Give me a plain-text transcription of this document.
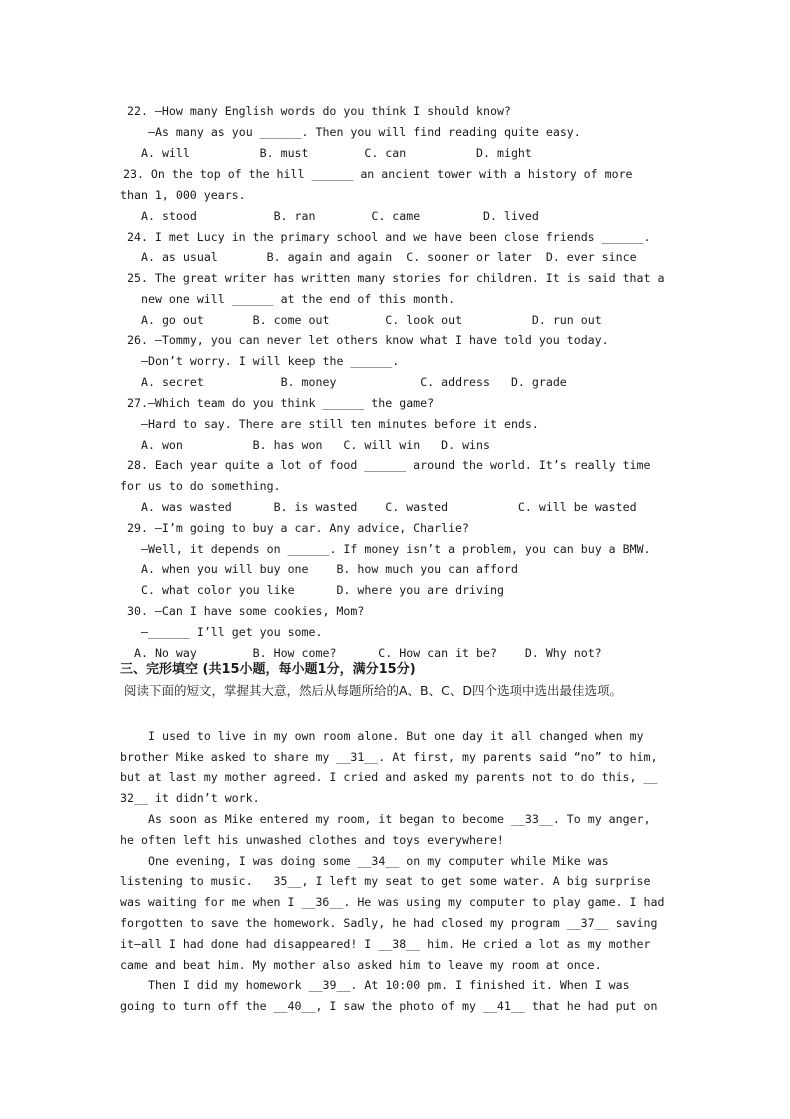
22. —How many English words do you think I should know?
—As many as you ______. Then you will find reading quite easy.
A. will          B. must        C. can          D. might
23. On the top of the hill ______ an ancient tower with a history of more
than 1, 000 years.
A. stood           B. ran        C. came         D. lived
24. I met Lucy in the primary school and we have been close friends ______.
A. as usual       B. again and again  C. sooner or later  D. ever since
25. The great writer has written many stories for children. It is said that a
new one will ______ at the end of this month.
A. go out       B. come out        C. look out          D. run out
26. —Tommy, you can never let others know what I have told you today.
—Don’t worry. I will keep the ______.
A. secret           B. money            C. address   D. grade
27.—Which team do you think ______ the game?
—Hard to say. There are still ten minutes before it ends.
A. won          B. has won   C. will win   D. wins
28. Each year quite a lot of food ______ around the world. It’s really time
for us to do something.
A. was wasted      B. is wasted    C. wasted          C. will be wasted
29. —I’m going to buy a car. Any advice, Charlie?
—Well, it depends on ______. If money isn’t a problem, you can buy a BMW.
A. when you will buy one    B. how much you can afford
C. what color you like      D. where you are driving
30. —Can I have some cookies, Mom?
—______ I’ll get you some.
A. No way        B. How come?      C. How can it be?    D. Why not?
三、完形填空 (共15小题，每小题1分，满分15分)
阅读下面的短文，掌握其大意，然后从每题所给的A、B、C、D四个选项中选出最佳选项。
I used to live in my own room alone. But one day it all changed when my
brother Mike asked to share my __31__. At first, my parents said “no” to him,
but at last my mother agreed. I cried and asked my parents not to do this, __
32__ it didn’t work.
As soon as Mike entered my room, it began to become __33__. To my anger,
he often left his unwashed clothes and toys everywhere!
One evening, I was doing some __34__ on my computer while Mike was
listening to music.   35__, I left my seat to get some water. A big surprise
was waiting for me when I __36__. He was using my computer to play game. I had
forgotten to save the homework. Sadly, he had closed my program __37__ saving
it—all I had done had disappeared! I __38__ him. He cried a lot as my mother
came and beat him. My mother also asked him to leave my room at once.
Then I did my homework __39__. At 10:00 pm. I finished it. When I was
going to turn off the __40__, I saw the photo of my __41__ that he had put on
